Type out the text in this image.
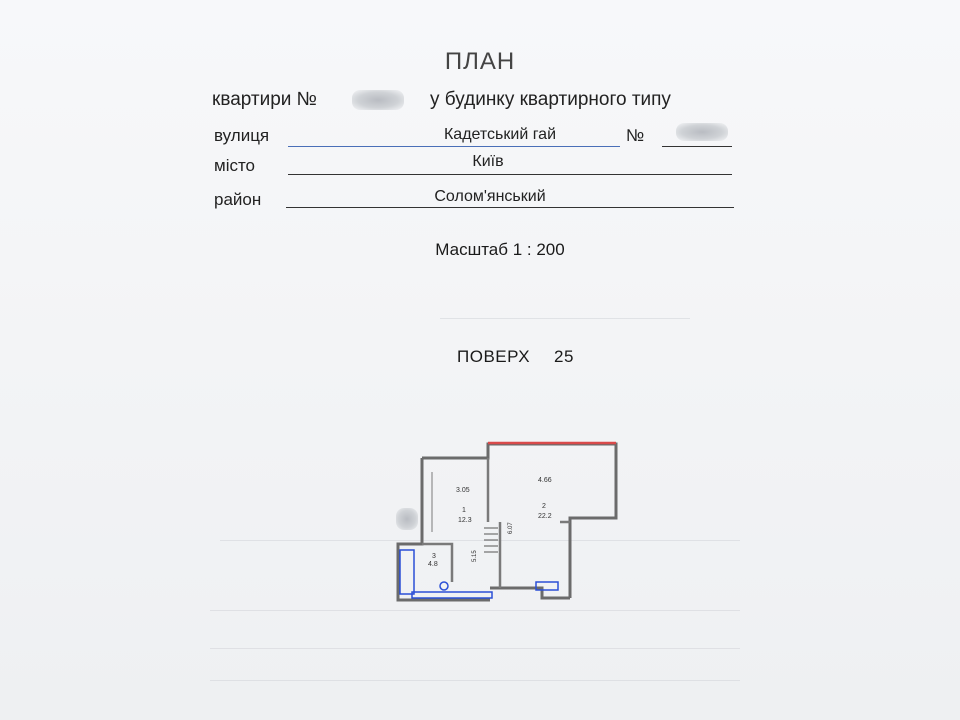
ПЛАН
квартири №	у будинку квартирного типу
вулиця	Кадетський гай	№
місто	Київ
район	Солом'янський
Масштаб 1 : 200
ПОВЕРХ 25
3.05
1
12.3
4.66
2
22.2
3
4.8
5.15
6.07
